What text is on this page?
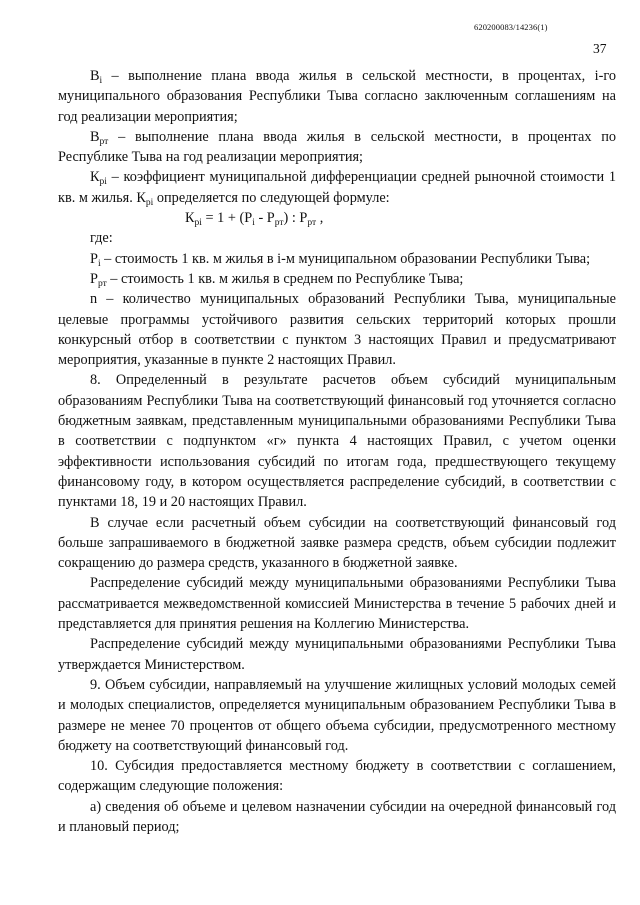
620200083/14236(1)
37

$В_i$ – выполнение плана ввода жилья в сельской местности, в процентах, i-го муниципального образования Республики Тыва согласно заключенным соглашениям на год реализации мероприятия;

$В_{рт}$ – выполнение плана ввода жилья в сельской местности, в процентах по Республике Тыва на год реализации мероприятия;

$К_{pi}$ – коэффициент муниципальной дифференциации средней рыночной стоимости 1 кв. м жилья. $К_{pi}$ определяется по следующей формуле:

$К_{pi} = 1 + (P_i - P_{рт})$ : $P_{рт}$ ,

где:

$P_i$ – стоимость 1 кв. м жилья в i-м муниципальном образовании Республики Тыва;

$Р_{рт}$ – стоимость 1 кв. м жилья в среднем по Республике Тыва;

n – количество муниципальных образований Республики Тыва, муниципальные целевые программы устойчивого развития сельских территорий которых прошли конкурсный отбор в соответствии с пунктом 3 настоящих Правил и предусматривают мероприятия, указанные в пункте 2 настоящих Правил.

8. Определенный в результате расчетов объем субсидий муниципальным образованиям Республики Тыва на соответствующий финансовый год уточняется согласно бюджетным заявкам, представленным муниципальными образованиями Республики Тыва в соответствии с подпунктом «г» пункта 4 настоящих Правил, с учетом оценки эффективности использования субсидий по итогам года, предшествующего текущему финансовому году, в котором осуществляется распределение субсидий, в соответствии с пунктами 18, 19 и 20 настоящих Правил.

В случае если расчетный объем субсидии на соответствующий финансовый год больше запрашиваемого в бюджетной заявке размера средств, объем субсидии подлежит сокращению до размера средств, указанного в бюджетной заявке.

Распределение субсидий между муниципальными образованиями Республики Тыва рассматривается межведомственной комиссией Министерства в течение 5 рабочих дней и представляется для принятия решения на Коллегию Министерства.

Распределение субсидий между муниципальными образованиями Республики Тыва утверждается Министерством.

9. Объем субсидии, направляемый на улучшение жилищных условий молодых семей и молодых специалистов, определяется муниципальным образованием Республики Тыва в размере не менее 70 процентов от общего объема субсидии, предусмотренного местному бюджету на соответствующий финансовый год.

10. Субсидия предоставляется местному бюджету в соответствии с соглашением, содержащим следующие положения:

а) сведения об объеме и целевом назначении субсидии на очередной финансовый год и плановый период;
